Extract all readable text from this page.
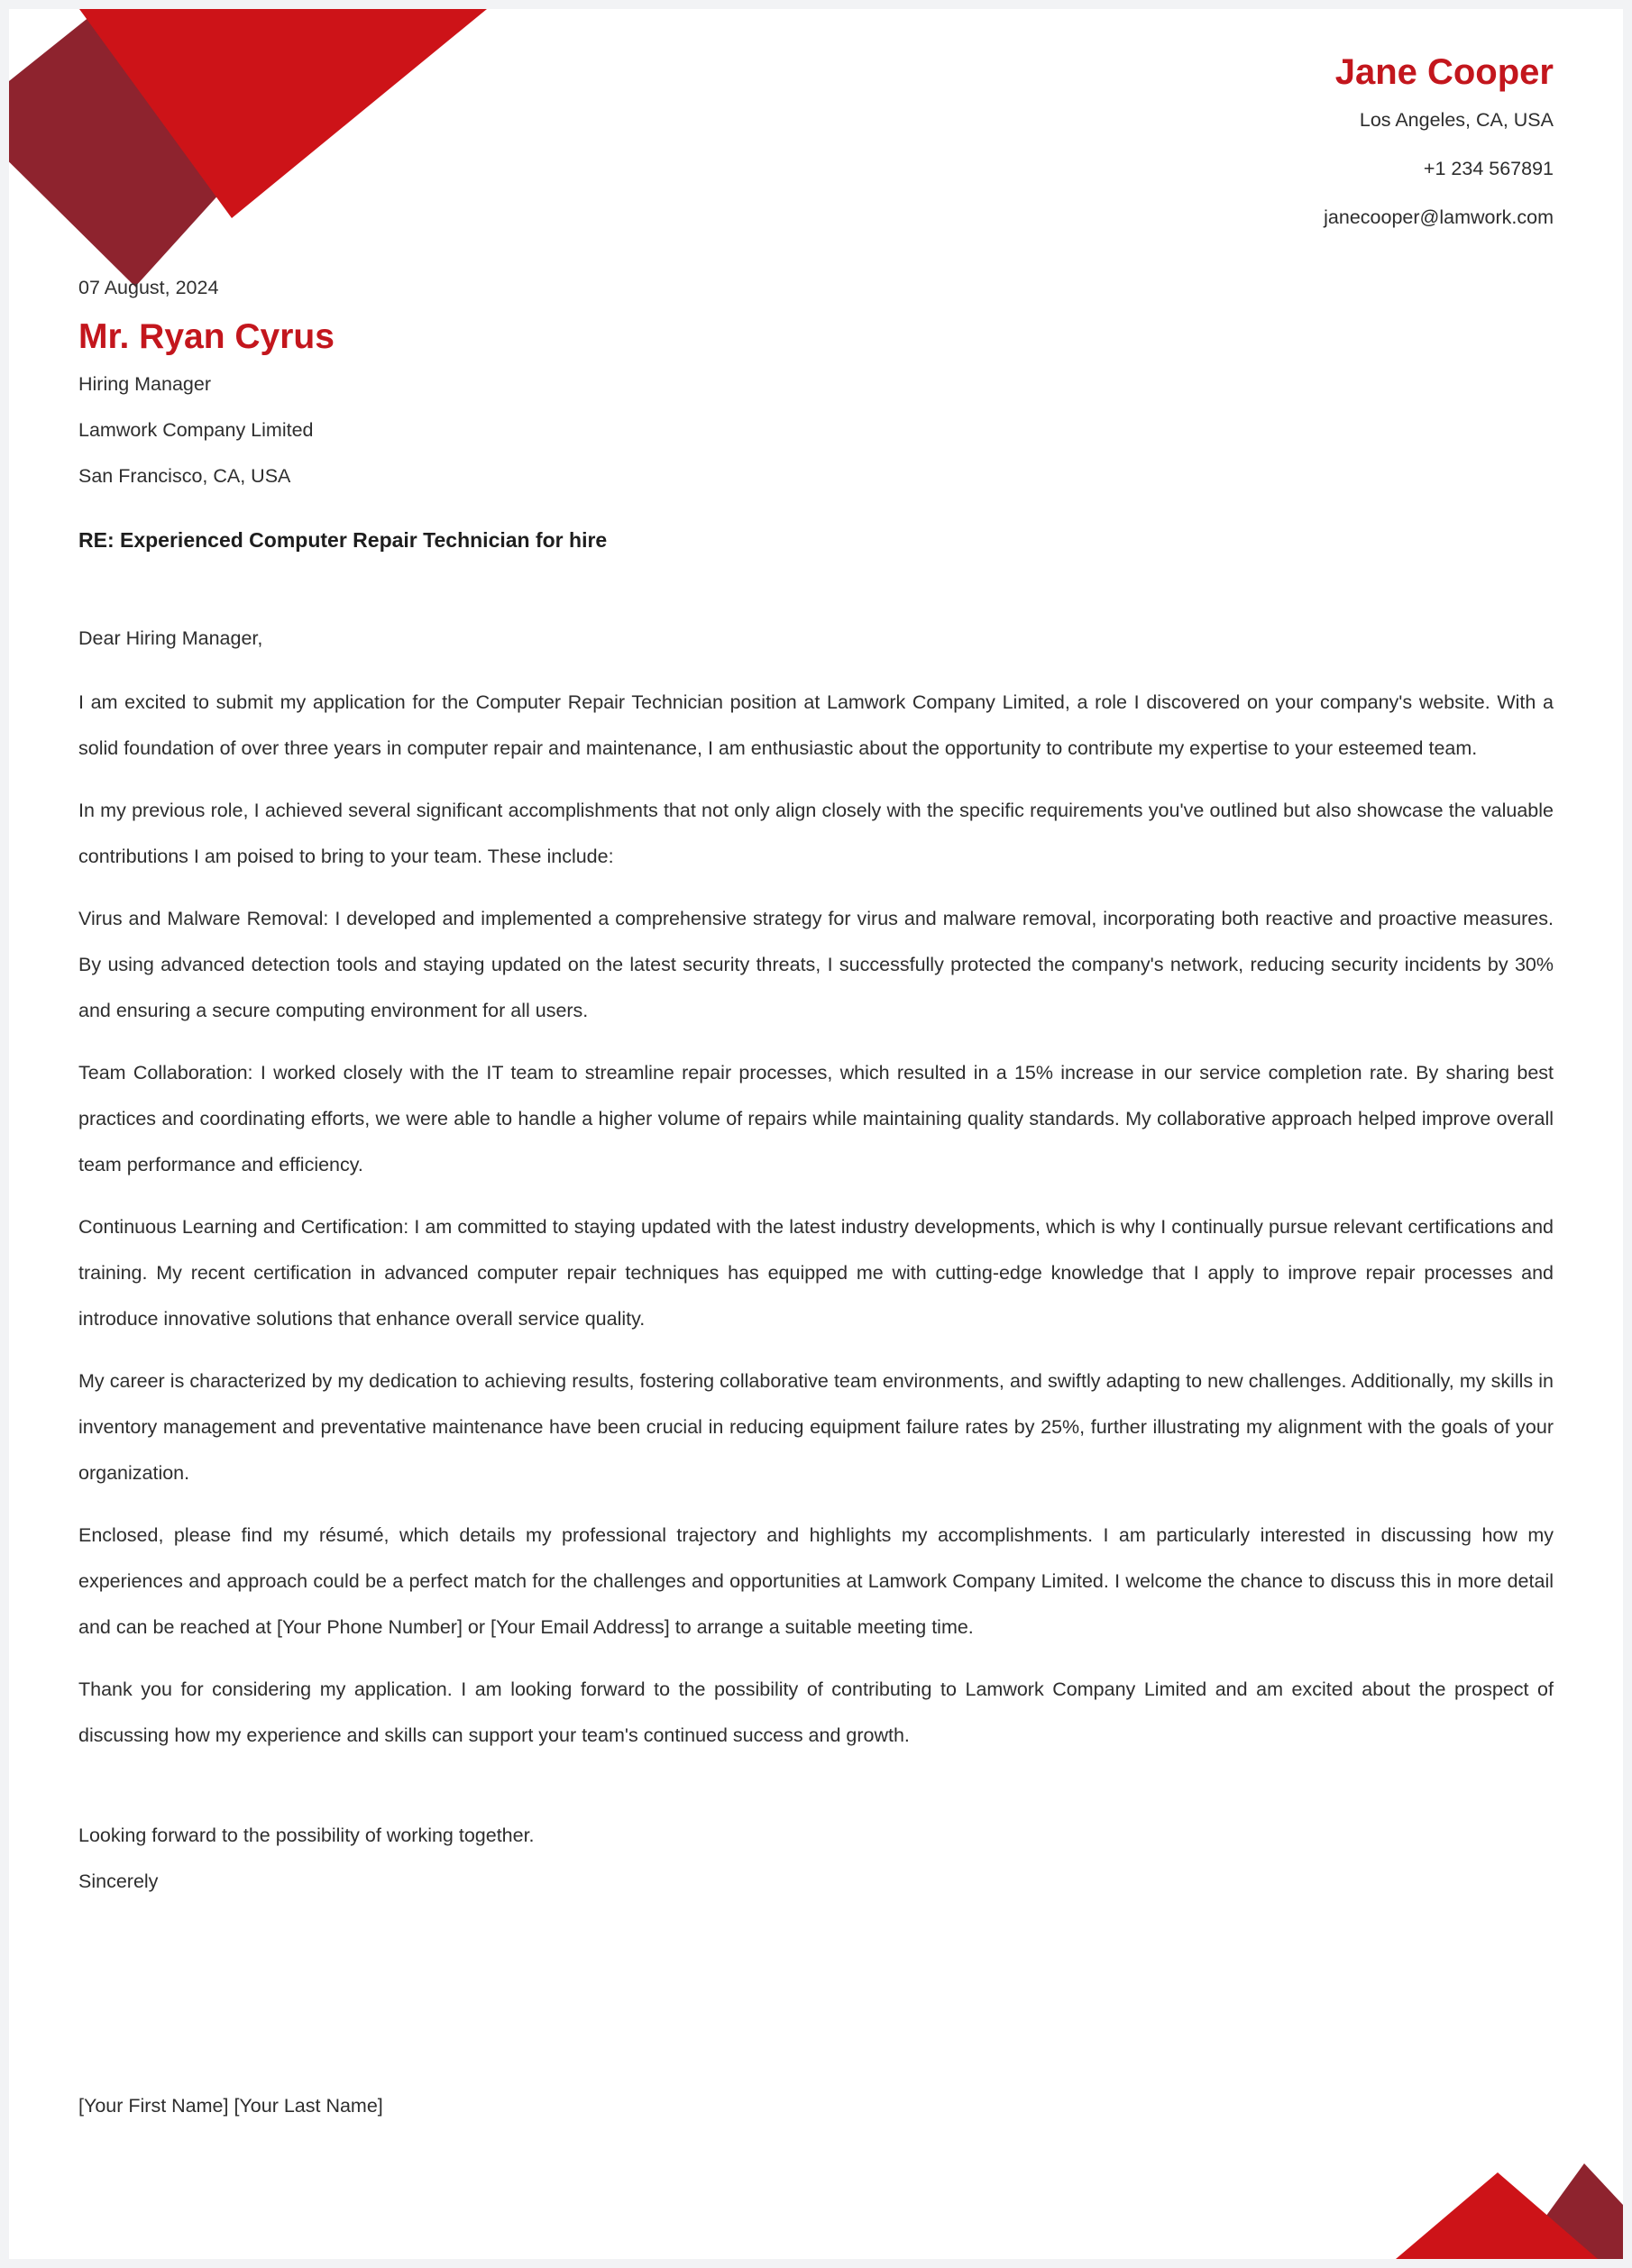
Jane Cooper
Los Angeles, CA, USA
+1 234 567891
janecooper@lamwork.com
07 August, 2024
Mr. Ryan Cyrus
Hiring Manager
Lamwork Company Limited
San Francisco, CA, USA
RE: Experienced Computer Repair Technician for hire
Dear Hiring Manager,

I am excited to submit my application for the Computer Repair Technician position at Lamwork Company Limited, a role I discovered on your company's website. With a solid foundation of over three years in computer repair and maintenance, I am enthusiastic about the opportunity to contribute my expertise to your esteemed team.

In my previous role, I achieved several significant accomplishments that not only align closely with the specific requirements you've outlined but also showcase the valuable contributions I am poised to bring to your team. These include:

Virus and Malware Removal: I developed and implemented a comprehensive strategy for virus and malware removal, incorporating both reactive and proactive measures. By using advanced detection tools and staying updated on the latest security threats, I successfully protected the company's network, reducing security incidents by 30% and ensuring a secure computing environment for all users.

Team Collaboration: I worked closely with the IT team to streamline repair processes, which resulted in a 15% increase in our service completion rate. By sharing best practices and coordinating efforts, we were able to handle a higher volume of repairs while maintaining quality standards. My collaborative approach helped improve overall team performance and efficiency.

Continuous Learning and Certification: I am committed to staying updated with the latest industry developments, which is why I continually pursue relevant certifications and training. My recent certification in advanced computer repair techniques has equipped me with cutting-edge knowledge that I apply to improve repair processes and introduce innovative solutions that enhance overall service quality.

My career is characterized by my dedication to achieving results, fostering collaborative team environments, and swiftly adapting to new challenges. Additionally, my skills in inventory management and preventative maintenance have been crucial in reducing equipment failure rates by 25%, further illustrating my alignment with the goals of your organization.

Enclosed, please find my résumé, which details my professional trajectory and highlights my accomplishments. I am particularly interested in discussing how my experiences and approach could be a perfect match for the challenges and opportunities at Lamwork Company Limited. I welcome the chance to discuss this in more detail and can be reached at [Your Phone Number] or [Your Email Address] to arrange a suitable meeting time.

Thank you for considering my application. I am looking forward to the possibility of contributing to Lamwork Company Limited and am excited about the prospect of discussing how my experience and skills can support your team's continued success and growth.

Looking forward to the possibility of working together.
Sincerely
[Your First Name] [Your Last Name]
